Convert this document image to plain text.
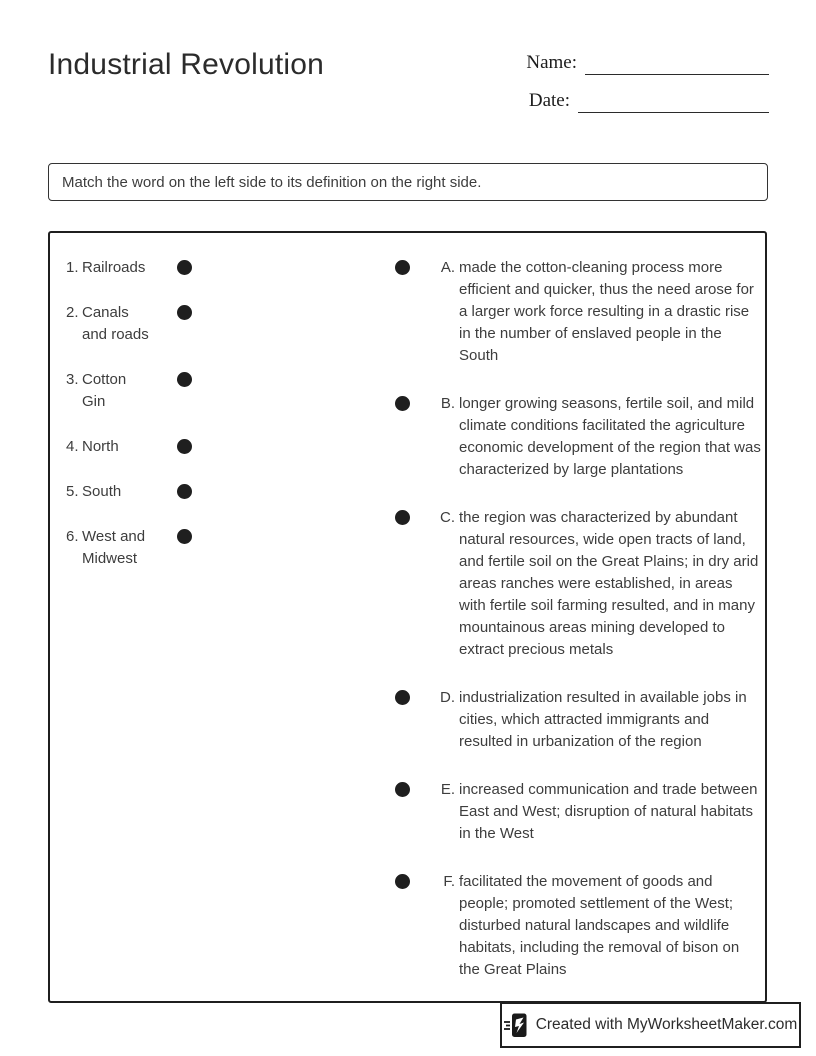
Industrial Revolution	Name:
Date:
Match the word on the left side to its definition on the right side.
1. Railroads
2. Canals and roads
3. Cotton Gin
4. North
5. South
6. West and Midwest
A. made the cotton-cleaning process more efficient and quicker, thus the need arose for a larger work force resulting in a drastic rise in the number of enslaved people in the South
B. longer growing seasons, fertile soil, and mild climate conditions facilitated the agriculture economic development of the region that was characterized by large plantations
C. the region was characterized by abundant natural resources, wide open tracts of land, and fertile soil on the Great Plains; in dry arid areas ranches were established, in areas with fertile soil farming resulted, and in many mountainous areas mining developed to extract precious metals
D. industrialization resulted in available jobs in cities, which attracted immigrants and resulted in urbanization of the region
E. increased communication and trade between East and West; disruption of natural habitats in the West
F. facilitated the movement of goods and people; promoted settlement of the West; disturbed natural landscapes and wildlife habitats, including the removal of bison on the Great Plains
Created with MyWorksheetMaker.com
